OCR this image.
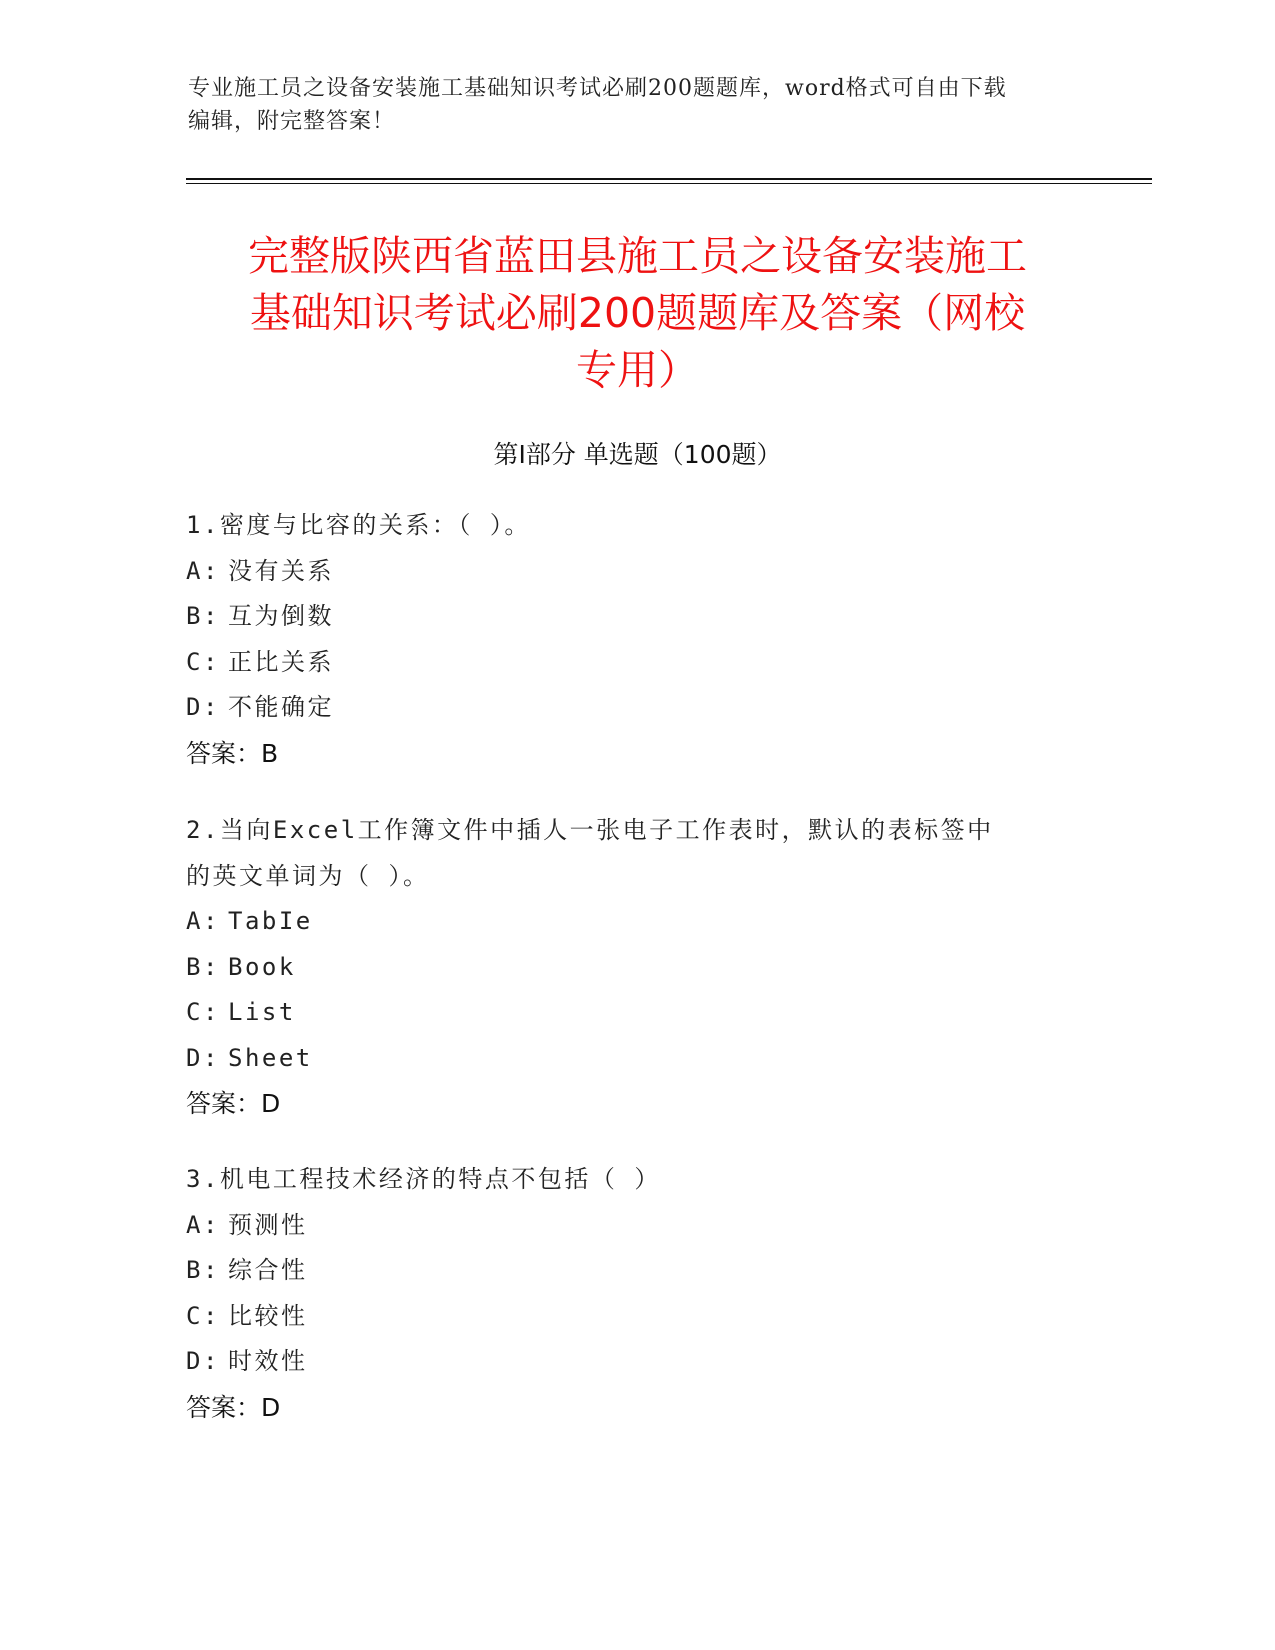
专业施工员之设备安装施工基础知识考试必刷200题题库，word格式可自由下载
编辑，附完整答案！
完整版陕西省蓝田县施工员之设备安装施工
基础知识考试必刷200题题库及答案（网校
专用）
第I部分 单选题（100题）
1.密度与比容的关系：（ ）。
A: 没有关系
B: 互为倒数
C: 正比关系
D: 不能确定
答案：B
2.当向Excel工作簿文件中插人一张电子工作表时，默认的表标签中
的英文单词为（ ）。
A: TabIe
B: Book
C: List
D: Sheet
答案：D
3.机电工程技术经济的特点不包括（ ）
A: 预测性
B: 综合性
C: 比较性
D: 时效性
答案：D
